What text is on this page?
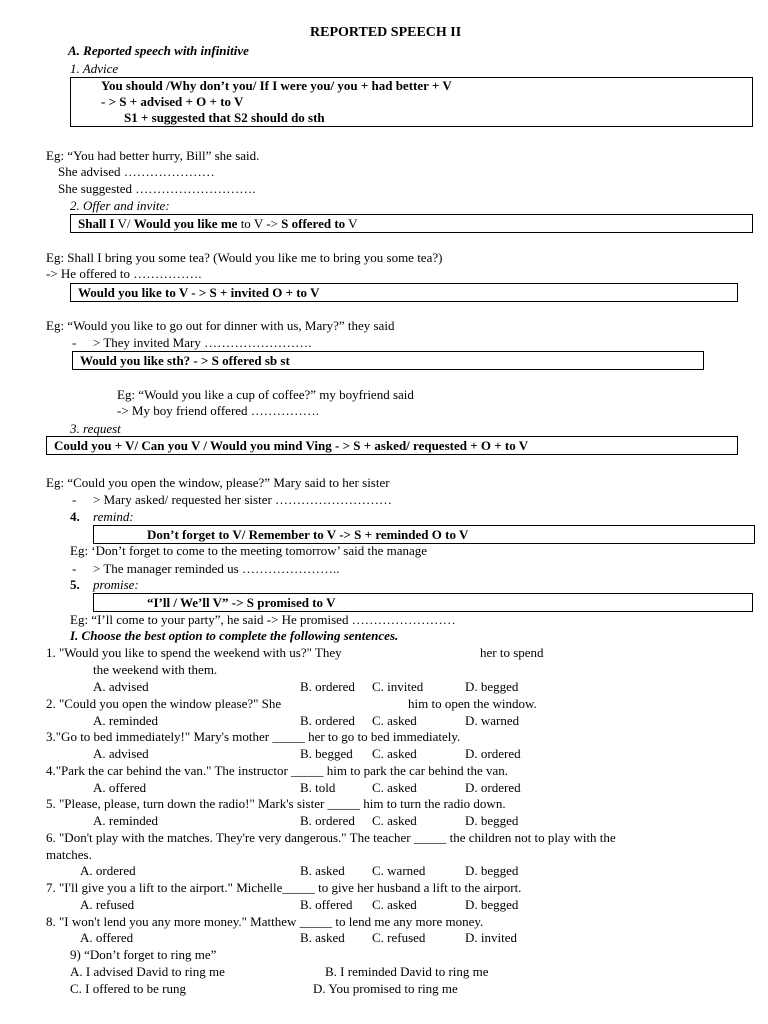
REPORTED SPEECH II
A. Reported speech with infinitive
1. Advice
You should /Why don’t you/ If I were you/ you + had better + V
- > S + advised + O + to V
S1 + suggested that S2 should do sth
Eg: “You had better hurry, Bill” she said.
She advised …………………
She suggested ……………………….
2. Offer and invite:
Shall I V/ Would you like me to V -> S offered to V
Eg: Shall I bring you some tea? (Would you like me to bring you some tea?)
-> He offered to …………….
Would you like to V - > S + invited O + to V
Eg: “Would you like to go out for dinner with us, Mary?” they said
- > They invited Mary …………………….
Would you like sth? - > S offered sb st
Eg: “Would you like a cup of coffee?” my boyfriend said
-> My boy friend offered …………….
3. request
Could you + V/ Can you V / Would you mind Ving - > S + asked/ requested + O + to V
Eg: “Could you open the window, please?” Mary said to her sister
- > Mary asked/ requested her sister ………………………
4. remind:
Don’t forget to V/ Remember to V -> S + reminded O to V
Eg: ‘Don’t forget to come to the meeting tomorrow’ said the manage
- > The manager reminded us …………………..
5. promise:
“I’ll / We’ll V” -> S promised to V
Eg: “I’ll come to your party”, he said -> He promised ……………………
I. Choose the best option to complete the following sentences.
1. "Would you like to spend the weekend with us?" They	her to spend
the weekend with them.
A. advised	B. ordered C. invited	D. begged
2. "Could you open the window please?" She	him to open the window.
A. reminded	B. ordered C. asked	D. warned
3."Go to bed immediately!" Mary's mother _____ her to go to bed immediately.
A. advised	B. begged C. asked	D. ordered
4."Park the car behind the van." The instructor _____ him to park the car behind the van.
A. offered	B. told	C. asked	D. ordered
5. "Please, please, turn down the radio!" Mark's sister _____ him to turn the radio down.
A. reminded	B. ordered C. asked	D. begged
6. "Don't play with the matches. They're very dangerous." The teacher _____ the children not to play with the
matches.
A. ordered	B. asked C. warned	D. begged
7. "I'll give you a lift to the airport." Michelle_____ to give her husband a lift to the airport.
A. refused	B. offered C. asked	D. begged
8. "I won't lend you any more money." Matthew _____ to lend me any more money.
A. offered	B. asked C. refused	D. invited
9) “Don’t forget to ring me”
A. I advised David to ring me	B. I reminded David to ring me
C. I offered to be rung	D. You promised to ring me
